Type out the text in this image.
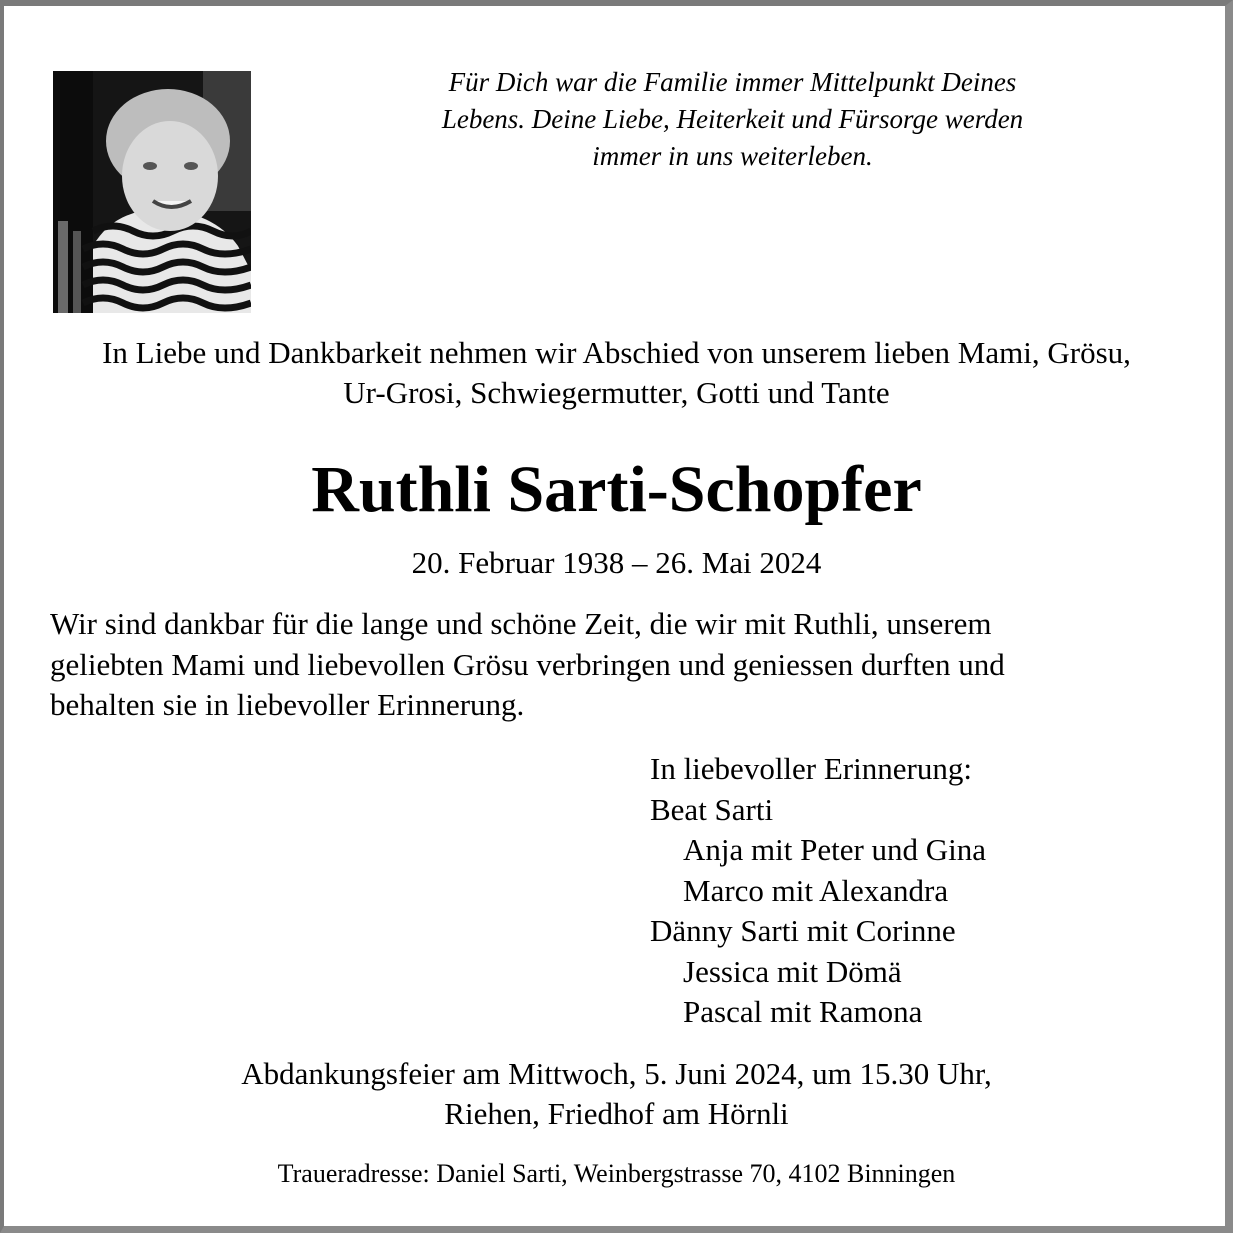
Für Dich war die Familie immer Mittelpunkt Deines
Lebens. Deine Liebe, Heiterkeit und Fürsorge werden
immer in uns weiterleben.
In Liebe und Dankbarkeit nehmen wir Abschied von unserem lieben Mami, Grösu,
Ur-Grosi, Schwiegermutter, Gotti und Tante
Ruthli Sarti-Schopfer
20. Februar 1938 – 26. Mai 2024
Wir sind dankbar für die lange und schöne Zeit, die wir mit Ruthli, unserem
geliebten Mami und liebevollen Grösu verbringen und geniessen durften und
behalten sie in liebevoller Erinnerung.
In liebevoller Erinnerung:
Beat Sarti
Anja mit Peter und Gina
Marco mit Alexandra
Dänny Sarti mit Corinne
Jessica mit Dömä
Pascal mit Ramona
Abdankungsfeier am Mittwoch, 5. Juni 2024, um 15.30 Uhr,
Riehen, Friedhof am Hörnli
Traueradresse: Daniel Sarti, Weinbergstrasse 70, 4102 Binningen
